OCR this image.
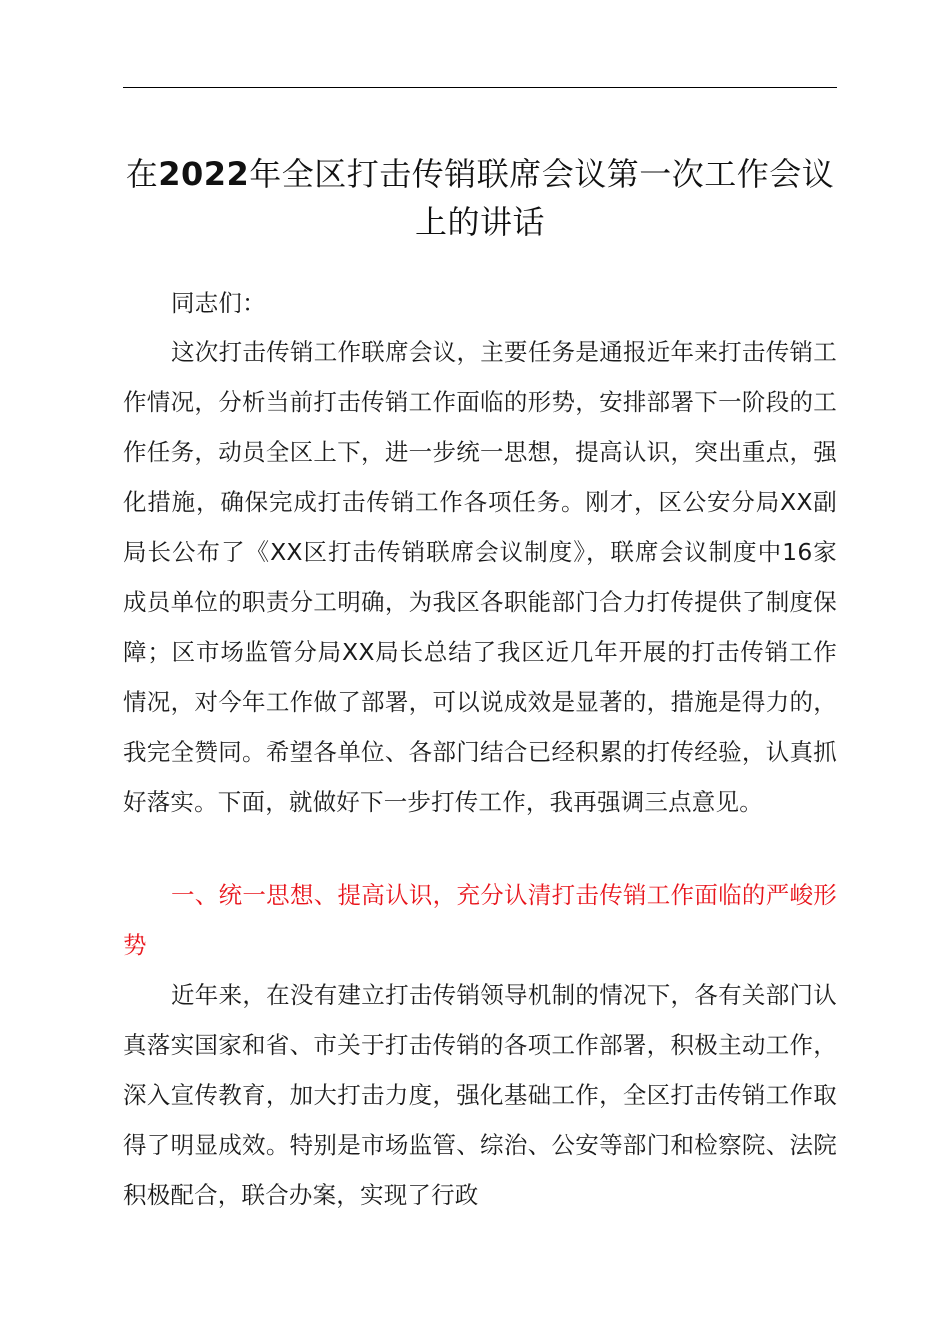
在2022年全区打击传销联席会议第一次工作会议上的讲话
同志们：
这次打击传销工作联席会议，主要任务是通报近年来打击传销工作情况，分析当前打击传销工作面临的形势，安排部署下一阶段的工作任务，动员全区上下，进一步统一思想，提高认识，突出重点，强化措施，确保完成打击传销工作各项任务。刚才，区公安分局XX副局长公布了《XX区打击传销联席会议制度》，联席会议制度中16家成员单位的职责分工明确，为我区各职能部门合力打传提供了制度保障；区市场监管分局XX局长总结了我区近几年开展的打击传销工作情况，对今年工作做了部署，可以说成效是显著的，措施是得力的，我完全赞同。希望各单位、各部门结合已经积累的打传经验，认真抓好落实。下面，就做好下一步打传工作，我再强调三点意见。
一、统一思想、提高认识，充分认清打击传销工作面临的严峻形势
近年来，在没有建立打击传销领导机制的情况下，各有关部门认真落实国家和省、市关于打击传销的各项工作部署，积极主动工作，深入宣传教育，加大打击力度，强化基础工作，全区打击传销工作取得了明显成效。特别是市场监管、综治、公安等部门和检察院、法院积极配合，联合办案，实现了行政
